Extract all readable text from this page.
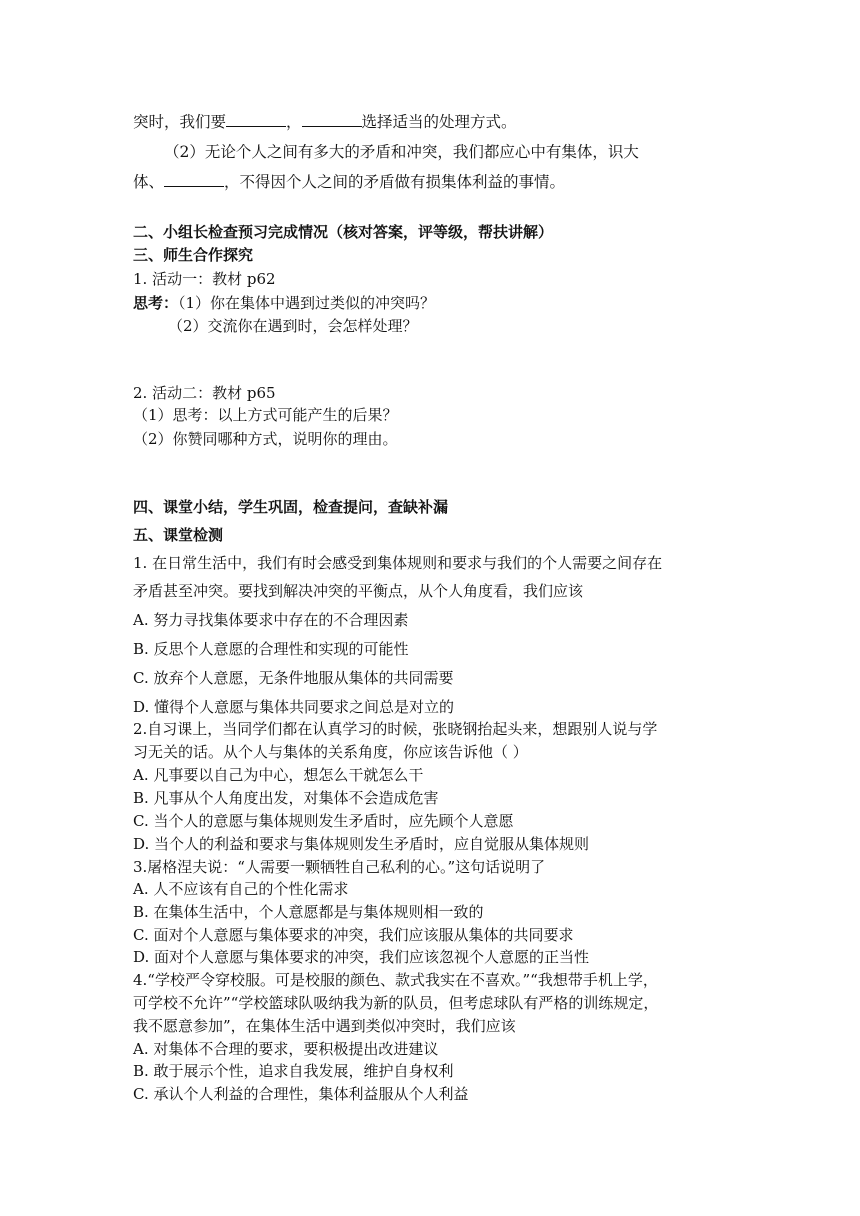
突时，我们要	，	选择适当的处理方式。
（2）无论个人之间有多大的矛盾和冲突，我们都应心中有集体，识大
体、	，不得因个人之间的矛盾做有损集体利益的事情。
二、小组长检查预习完成情况（核对答案，评等级，帮扶讲解）
三、师生合作探究
1. 活动一：教材 p62
思考：（1）你在集体中遇到过类似的冲突吗？
（2）交流你在遇到时，会怎样处理？
2. 活动二：教材 p65
（1）思考：以上方式可能产生的后果？
（2）你赞同哪种方式，说明你的理由。
四、课堂小结，学生巩固，检查提问，查缺补漏
五、课堂检测
1. 在日常生活中，我们有时会感受到集体规则和要求与我们的个人需要之间存在
矛盾甚至冲突。要找到解决冲突的平衡点，从个人角度看，我们应该
A. 努力寻找集体要求中存在的不合理因素
B. 反思个人意愿的合理性和实现的可能性
C. 放弃个人意愿，无条件地服从集体的共同需要
D. 懂得个人意愿与集体共同要求之间总是对立的
2.自习课上，当同学们都在认真学习的时候，张晓钢抬起头来，想跟别人说与学
习无关的话。从个人与集体的关系角度，你应该告诉他（ ）
A. 凡事要以自己为中心，想怎么干就怎么干
B. 凡事从个人角度出发，对集体不会造成危害
C. 当个人的意愿与集体规则发生矛盾时，应先顾个人意愿
D. 当个人的利益和要求与集体规则发生矛盾时，应自觉服从集体规则
3.屠格涅夫说：“人需要一颗牺牲自己私利的心。”这句话说明了
A. 人不应该有自己的个性化需求
B. 在集体生活中，个人意愿都是与集体规则相一致的
C. 面对个人意愿与集体要求的冲突，我们应该服从集体的共同要求
D. 面对个人意愿与集体要求的冲突，我们应该忽视个人意愿的正当性
4.“学校严令穿校服。可是校服的颜色、款式我实在不喜欢。”“我想带手机上学，
可学校不允许”“学校篮球队吸纳我为新的队员，但考虑球队有严格的训练规定，
我不愿意参加”，在集体生活中遇到类似冲突时，我们应该
A. 对集体不合理的要求，要积极提出改进建议
B. 敢于展示个性，追求自我发展，维护自身权利
C. 承认个人利益的合理性，集体利益服从个人利益
